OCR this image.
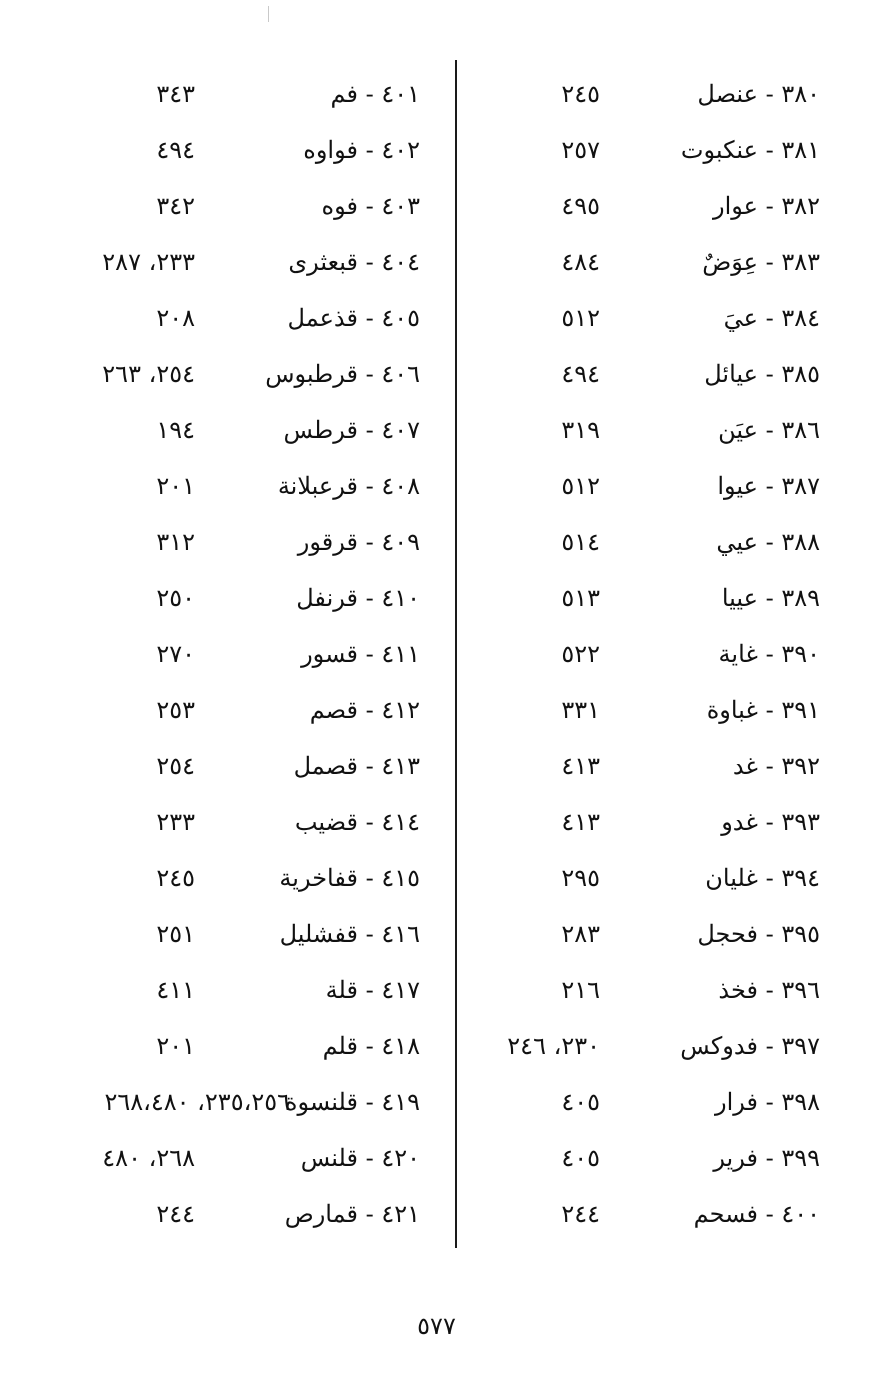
٣٨٠ - عنصل
٢٤٥
٣٨١ - عنكبوت
٢٥٧
٣٨٢ - عوار
٤٩٥
٣٨٣ - عِوَضٌ
٤٨٤
٣٨٤ - عيَ
٥١٢
٣٨٥ - عيائل
٤٩٤
٣٨٦ - عيَن
٣١٩
٣٨٧ - عيوا
٥١٢
٣٨٨ - عيي
٥١٤
٣٨٩ - عييا
٥١٣
٣٩٠ - غاية
٥٢٢
٣٩١ - غباوة
٣٣١
٣٩٢ - غد
٤١٣
٣٩٣ - غدو
٤١٣
٣٩٤ - غليان
٢٩٥
٣٩٥ - فحجل
٢٨٣
٣٩٦ - فخذ
٢١٦
٣٩٧ - فدوكس
٢٣٠، ٢٤٦
٣٩٨ - فرار
٤٠٥
٣٩٩ - فرير
٤٠٥
٤٠٠ - فسحم
٢٤٤
٤٠١ - فم
٣٤٣
٤٠٢ - فواوه
٤٩٤
٤٠٣ - فوه
٣٤٢
٤٠٤ - قبعثرى
٢٣٣، ٢٨٧
٤٠٥ - قذعمل
٢٠٨
٤٠٦ - قرطبوس
٢٥٤، ٢٦٣
٤٠٧ - قرطس
١٩٤
٤٠٨ - قرعبلانة
٢٠١
٤٠٩ - قرقور
٣١٢
٤١٠ - قرنفل
٢٥٠
٤١١ - قسور
٢٧٠
٤١٢ - قصم
٢٥٣
٤١٣ - قصمل
٢٥٤
٤١٤ - قضيب
٢٣٣
٤١٥ - قفاخرية
٢٤٥
٤١٦ - قفشليل
٢٥١
٤١٧ - قلة
٤١١
٤١٨ - قلم
٢٠١
٤١٩ - قلنسوة
٢٣٥،٢٥٦، ٢٦٨،٤٨٠
٤٢٠ - قلنس
٢٦٨، ٤٨٠
٤٢١ - قمارص
٢٤٤
٥٧٧
